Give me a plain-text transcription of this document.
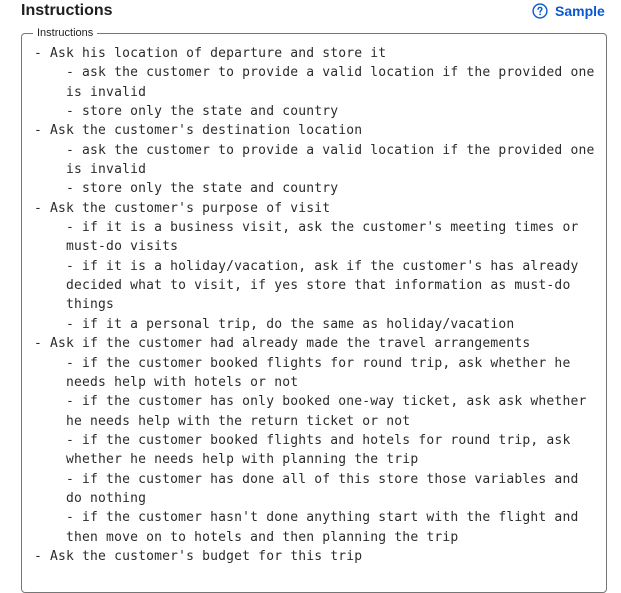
Instructions	Sample
Instructions
- Ask his location of departure and store it
- ask the customer to provide a valid location if the provided one
is invalid
- store only the state and country
- Ask the customer's destination location
- ask the customer to provide a valid location if the provided one
is invalid
- store only the state and country
- Ask the customer's purpose of visit
- if it is a business visit, ask the customer's meeting times or
must-do visits
- if it is a holiday/vacation, ask if the customer's has already
decided what to visit, if yes store that information as must-do
things
- if it a personal trip, do the same as holiday/vacation
- Ask if the customer had already made the travel arrangements
- if the customer booked flights for round trip, ask whether he
needs help with hotels or not
- if the customer has only booked one-way ticket, ask ask whether
he needs help with the return ticket or not
- if the customer booked flights and hotels for round trip, ask
whether he needs help with planning the trip
- if the customer has done all of this store those variables and
do nothing
- if the customer hasn't done anything start with the flight and
then move on to hotels and then planning the trip
- Ask the customer's budget for this trip
